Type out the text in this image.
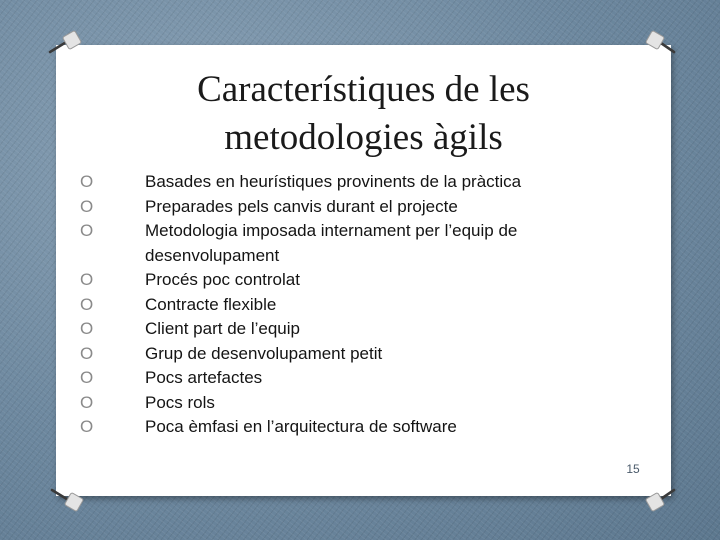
Característiques de les
metodologies àgils
O	Basades en heurístiques provinents de la pràctica
O	Preparades pels canvis durant el projecte
O	Metodologia imposada internament per l’equip de desenvolupament
O	Procés poc controlat
O	Contracte flexible
O	Client part de l’equip
O	Grup de desenvolupament petit
O	Pocs artefactes
O	Pocs rols
O	Poca èmfasi en l’arquitectura de software
15
